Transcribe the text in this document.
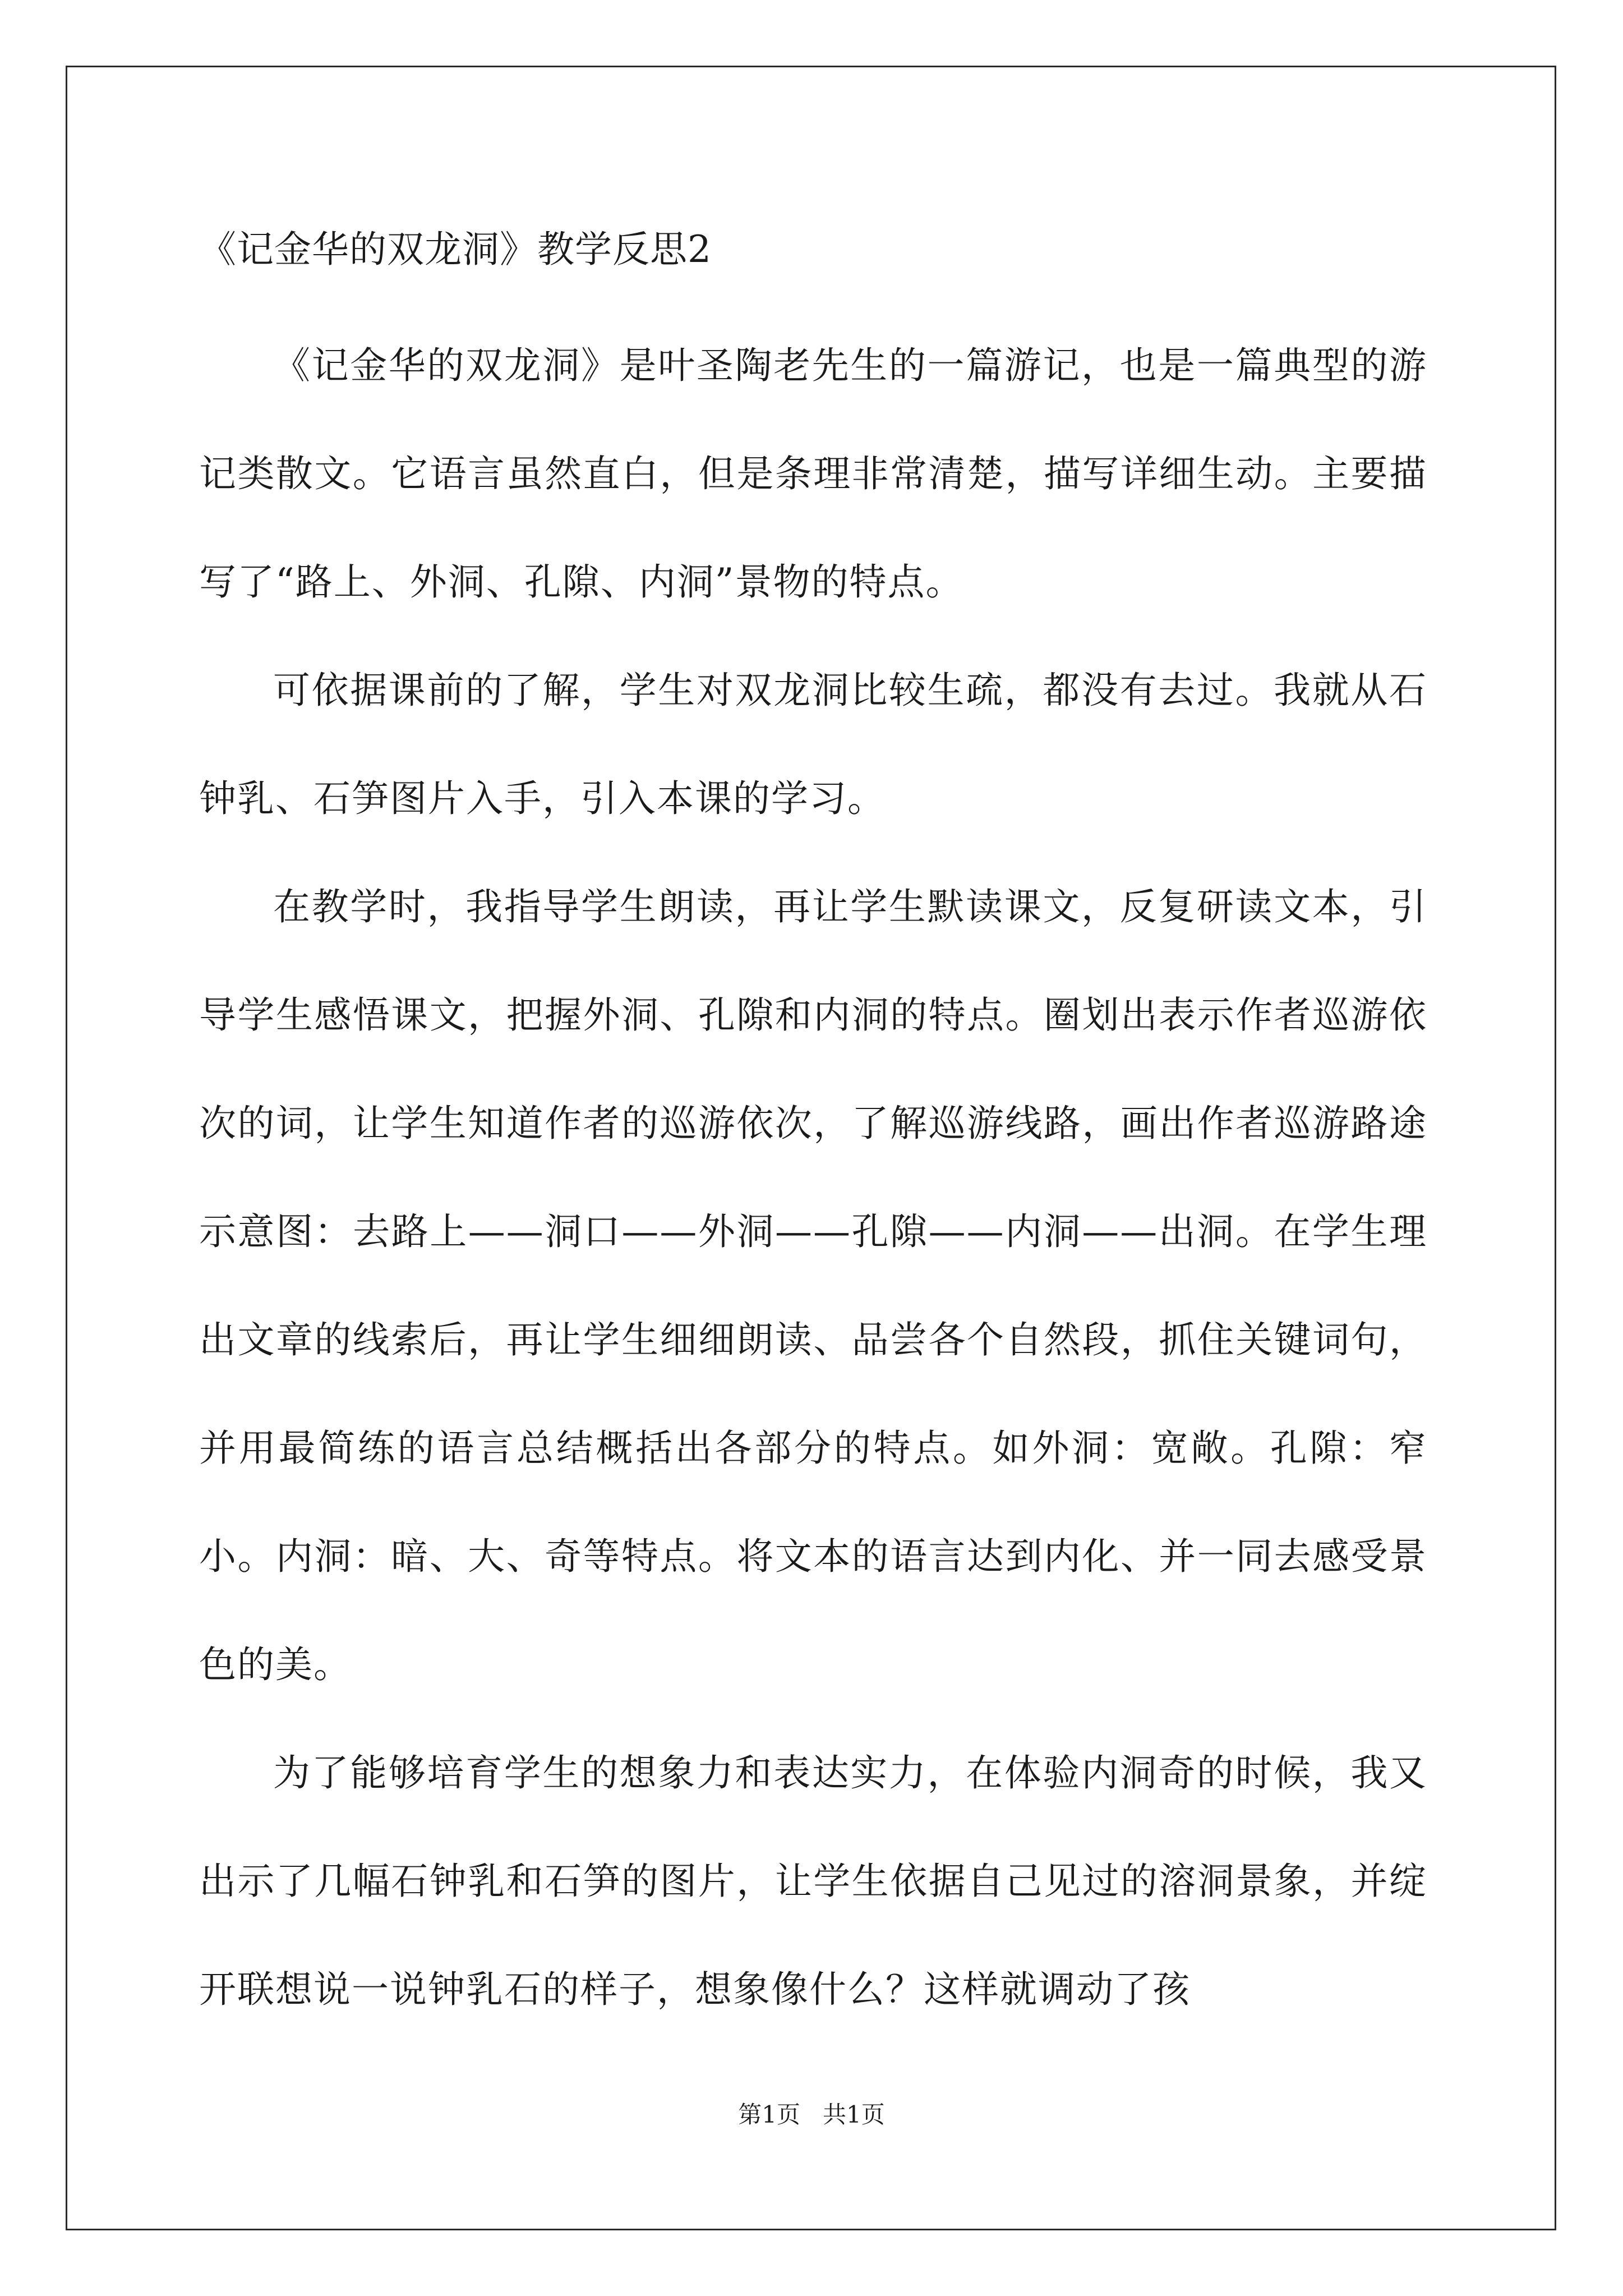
《记金华的双龙洞》教学反思2

《记金华的双龙洞》是叶圣陶老先生的一篇游记，也是一篇典型的游记类散文。它语言虽然直白，但是条理非常清楚，描写详细生动。主要描写了“路上、外洞、孔隙、内洞”景物的特点。

可依据课前的了解，学生对双龙洞比较生疏，都没有去过。我就从石钟乳、石笋图片入手，引入本课的学习。

在教学时，我指导学生朗读，再让学生默读课文，反复研读文本，引导学生感悟课文，把握外洞、孔隙和内洞的特点。圈划出表示作者巡游依次的词，让学生知道作者的巡游依次，了解巡游线路，画出作者巡游路途示意图：去路上——洞口——外洞——孔隙——内洞——出洞。在学生理出文章的线索后，再让学生细细朗读、品尝各个自然段，抓住关键词句，并用最简练的语言总结概括出各部分的特点。如外洞：宽敞。孔隙：窄小。内洞：暗、大、奇等特点。将文本的语言达到内化、并一同去感受景色的美。

为了能够培育学生的想象力和表达实力，在体验内洞奇的时候，我又出示了几幅石钟乳和石笋的图片，让学生依据自己见过的溶洞景象，并绽开联想说一说钟乳石的样子，想象像什么？这样就调动了孩

第1页 共1页
